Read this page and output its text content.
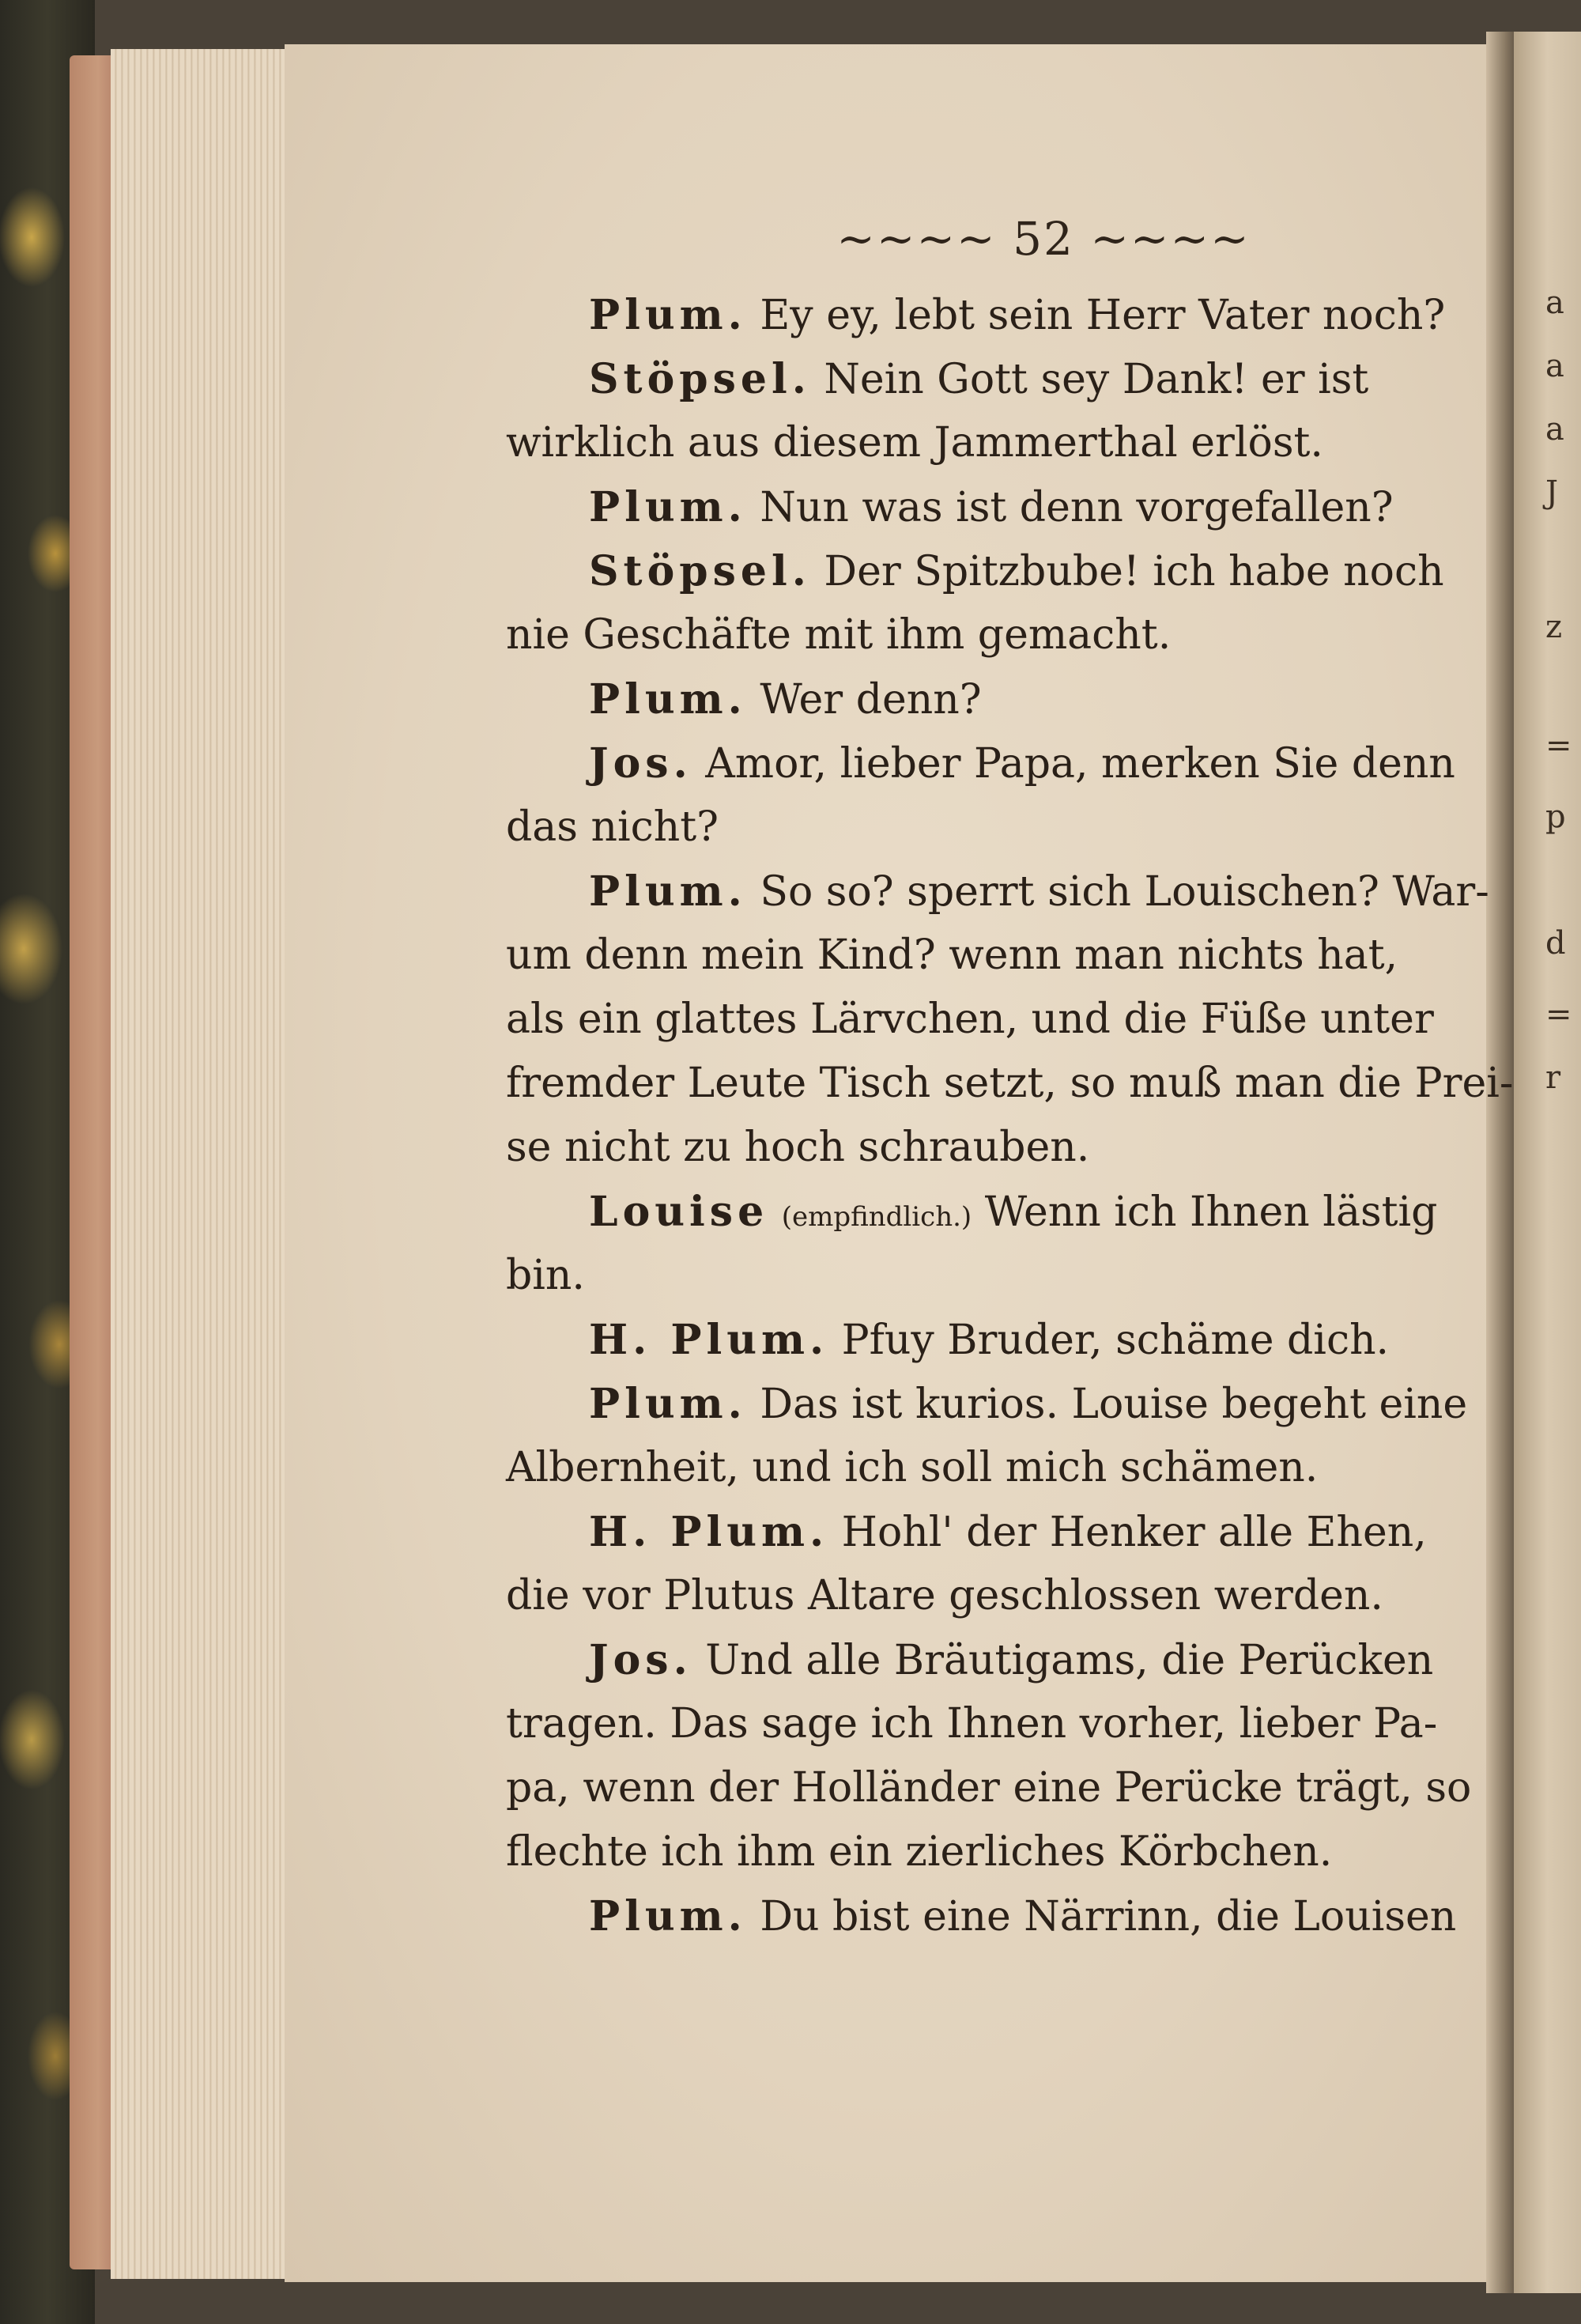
a
a
a
J
z
=
p
d
=
r
~~~~ 52 ~~~~
Plum. Ey ey, lebt sein Herr Vater noch?
Stöpsel. Nein Gott sey Dank! er ist
wirklich aus diesem Jammerthal erlöst.
Plum. Nun was ist denn vorgefallen?
Stöpsel. Der Spitzbube! ich habe noch
nie Geschäfte mit ihm gemacht.
Plum. Wer denn?
Jos. Amor, lieber Papa, merken Sie denn
das nicht?
Plum. So so? sperrt sich Louischen? War-
um denn mein Kind? wenn man nichts hat,
als ein glattes Lärvchen, und die Füße unter
fremder Leute Tisch setzt, so muß man die Prei-
se nicht zu hoch schrauben.
Louise (empfindlich.) Wenn ich Ihnen lästig
bin.
H. Plum. Pfuy Bruder, schäme dich.
Plum. Das ist kurios. Louise begeht eine
Albernheit, und ich soll mich schämen.
H. Plum. Hohl' der Henker alle Ehen,
die vor Plutus Altare geschlossen werden.
Jos. Und alle Bräutigams, die Perücken
tragen. Das sage ich Ihnen vorher, lieber Pa-
pa, wenn der Holländer eine Perücke trägt, so
flechte ich ihm ein zierliches Körbchen.
Plum. Du bist eine Närrinn, die Louisen
